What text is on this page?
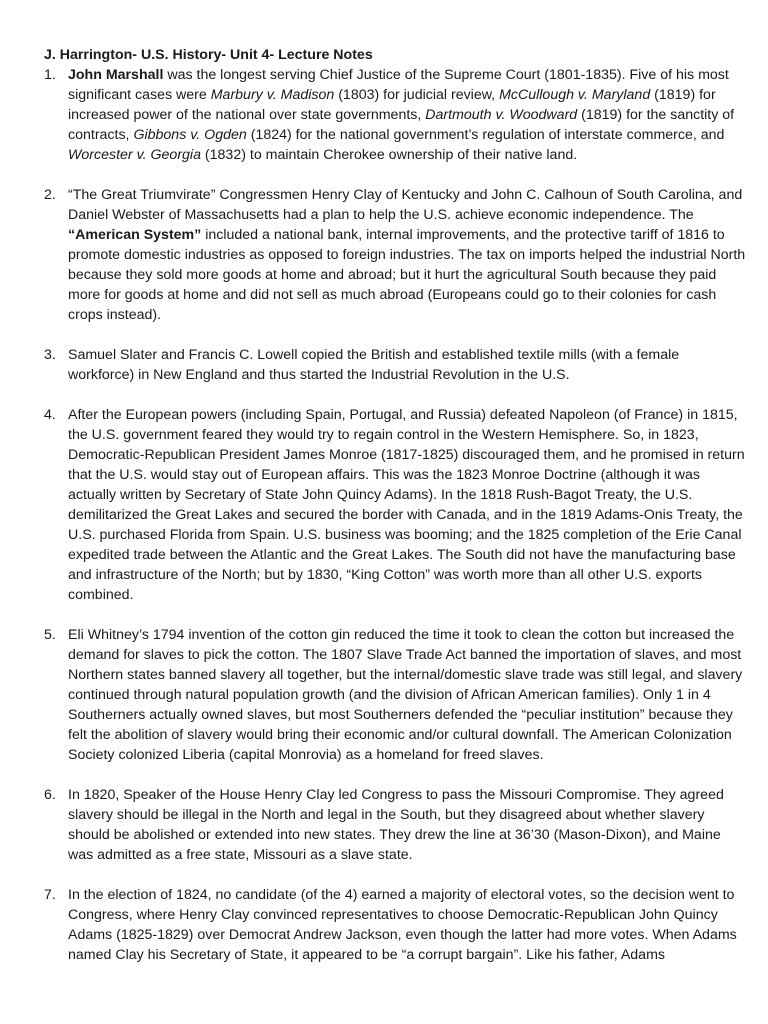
J. Harrington- U.S. History- Unit 4- Lecture Notes
1. John Marshall was the longest serving Chief Justice of the Supreme Court (1801-1835). Five of his most significant cases were Marbury v. Madison (1803) for judicial review, McCullough v. Maryland (1819) for increased power of the national over state governments, Dartmouth v. Woodward (1819) for the sanctity of contracts, Gibbons v. Ogden (1824) for the national government’s regulation of interstate commerce, and Worcester v. Georgia (1832) to maintain Cherokee ownership of their native land.
2. “The Great Triumvirate” Congressmen Henry Clay of Kentucky and John C. Calhoun of South Carolina, and Daniel Webster of Massachusetts had a plan to help the U.S. achieve economic independence. The “American System” included a national bank, internal improvements, and the protective tariff of 1816 to promote domestic industries as opposed to foreign industries. The tax on imports helped the industrial North because they sold more goods at home and abroad; but it hurt the agricultural South because they paid more for goods at home and did not sell as much abroad (Europeans could go to their colonies for cash crops instead).
3. Samuel Slater and Francis C. Lowell copied the British and established textile mills (with a female workforce) in New England and thus started the Industrial Revolution in the U.S.
4. After the European powers (including Spain, Portugal, and Russia) defeated Napoleon (of France) in 1815, the U.S. government feared they would try to regain control in the Western Hemisphere. So, in 1823, Democratic-Republican President James Monroe (1817-1825) discouraged them, and he promised in return that the U.S. would stay out of European affairs. This was the 1823 Monroe Doctrine (although it was actually written by Secretary of State John Quincy Adams). In the 1818 Rush-Bagot Treaty, the U.S. demilitarized the Great Lakes and secured the border with Canada, and in the 1819 Adams-Onis Treaty, the U.S. purchased Florida from Spain. U.S. business was booming; and the 1825 completion of the Erie Canal expedited trade between the Atlantic and the Great Lakes. The South did not have the manufacturing base and infrastructure of the North; but by 1830, “King Cotton” was worth more than all other U.S. exports combined.
5. Eli Whitney’s 1794 invention of the cotton gin reduced the time it took to clean the cotton but increased the demand for slaves to pick the cotton. The 1807 Slave Trade Act banned the importation of slaves, and most Northern states banned slavery all together, but the internal/domestic slave trade was still legal, and slavery continued through natural population growth (and the division of African American families). Only 1 in 4 Southerners actually owned slaves, but most Southerners defended the “peculiar institution” because they felt the abolition of slavery would bring their economic and/or cultural downfall. The American Colonization Society colonized Liberia (capital Monrovia) as a homeland for freed slaves.
6. In 1820, Speaker of the House Henry Clay led Congress to pass the Missouri Compromise. They agreed slavery should be illegal in the North and legal in the South, but they disagreed about whether slavery should be abolished or extended into new states. They drew the line at 36’30 (Mason-Dixon), and Maine was admitted as a free state, Missouri as a slave state.
7. In the election of 1824, no candidate (of the 4) earned a majority of electoral votes, so the decision went to Congress, where Henry Clay convinced representatives to choose Democratic-Republican John Quincy Adams (1825-1829) over Democrat Andrew Jackson, even though the latter had more votes. When Adams named Clay his Secretary of State, it appeared to be “a corrupt bargain”. Like his father, Adams
